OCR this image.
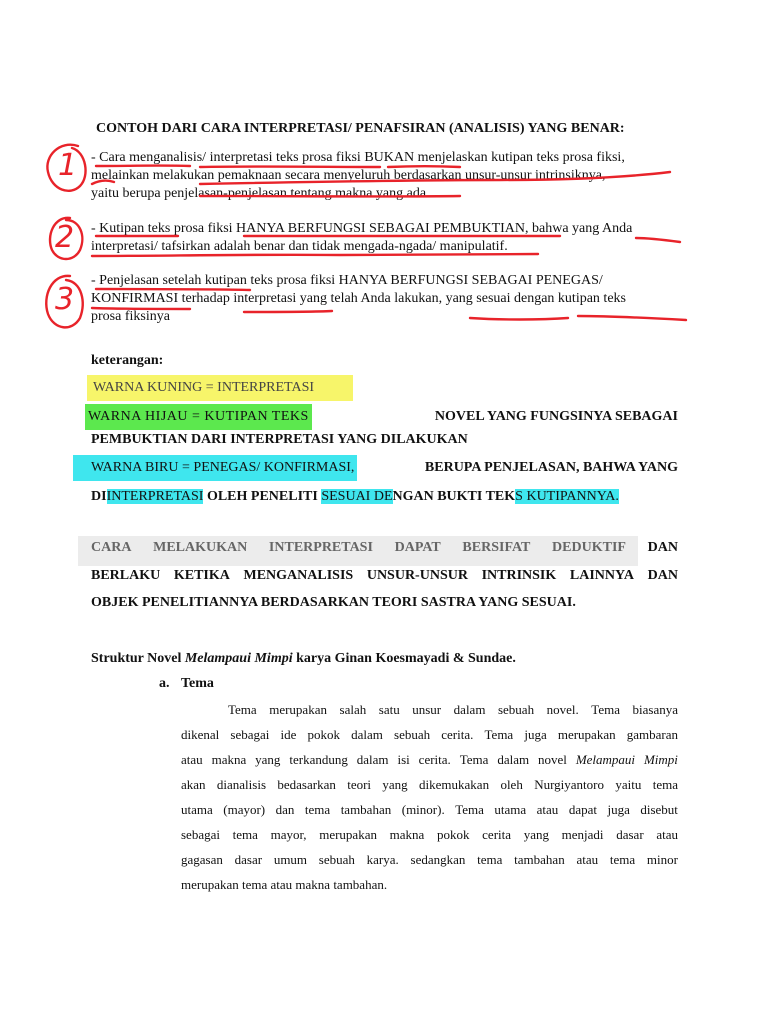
CONTOH DARI CARA INTERPRETASI/ PENAFSIRAN (ANALISIS) YANG BENAR:
- Cara menganalisis/ interpretasi teks prosa fiksi BUKAN menjelaskan kutipan teks prosa fiksi,
melainkan melakukan pemaknaan secara menyeluruh berdasarkan unsur-unsur intrinsiknya,
yaitu berupa penjelasan-penjelasan tentang makna yang ada.
- Kutipan teks prosa fiksi HANYA BERFUNGSI SEBAGAI PEMBUKTIAN, bahwa yang Anda
interpretasi/ tafsirkan adalah benar dan tidak mengada-ngada/ manipulatif.
- Penjelasan setelah kutipan teks prosa fiksi HANYA BERFUNGSI SEBAGAI PENEGAS/
KONFIRMASI terhadap interpretasi yang telah Anda lakukan, yang sesuai dengan kutipan teks
prosa fiksinya
keterangan:
WARNA KUNING = INTERPRETASI
WARNA HIJAU = KUTIPAN TEKS	NOVEL YANG FUNGSINYA SEBAGAI
PEMBUKTIAN DARI INTERPRETASI YANG DILAKUKAN
WARNA BIRU = PENEGAS/ KONFIRMASI,	BERUPA PENJELASAN, BAHWA YANG
DIINTERPRETASI OLEH PENELITI SESUAI DENGAN BUKTI TEKS KUTIPANNYA.
CARA MELAKUKAN INTERPRETASI DAPAT BERSIFAT DEDUKTIF DAN
BERLAKU KETIKA MENGANALISIS UNSUR-UNSUR INTRINSIK LAINNYA DAN
OBJEK PENELITIANNYA BERDASARKAN TEORI SASTRA YANG SESUAI.
Struktur Novel Melampaui Mimpi karya Ginan Koesmayadi & Sundae.
a. Tema
Tema merupakan salah satu unsur dalam sebuah novel. Tema biasanya
dikenal sebagai ide pokok dalam sebuah cerita. Tema juga merupakan gambaran
atau makna yang terkandung dalam isi cerita. Tema dalam novel Melampaui Mimpi
akan dianalisis bedasarkan teori yang dikemukakan oleh Nurgiyantoro yaitu tema
utama (mayor) dan tema tambahan (minor). Tema utama atau dapat juga disebut
sebagai tema mayor, merupakan makna pokok cerita yang menjadi dasar atau
gagasan dasar umum sebuah karya. sedangkan tema tambahan atau tema minor
merupakan tema atau makna tambahan.
1
2
3
